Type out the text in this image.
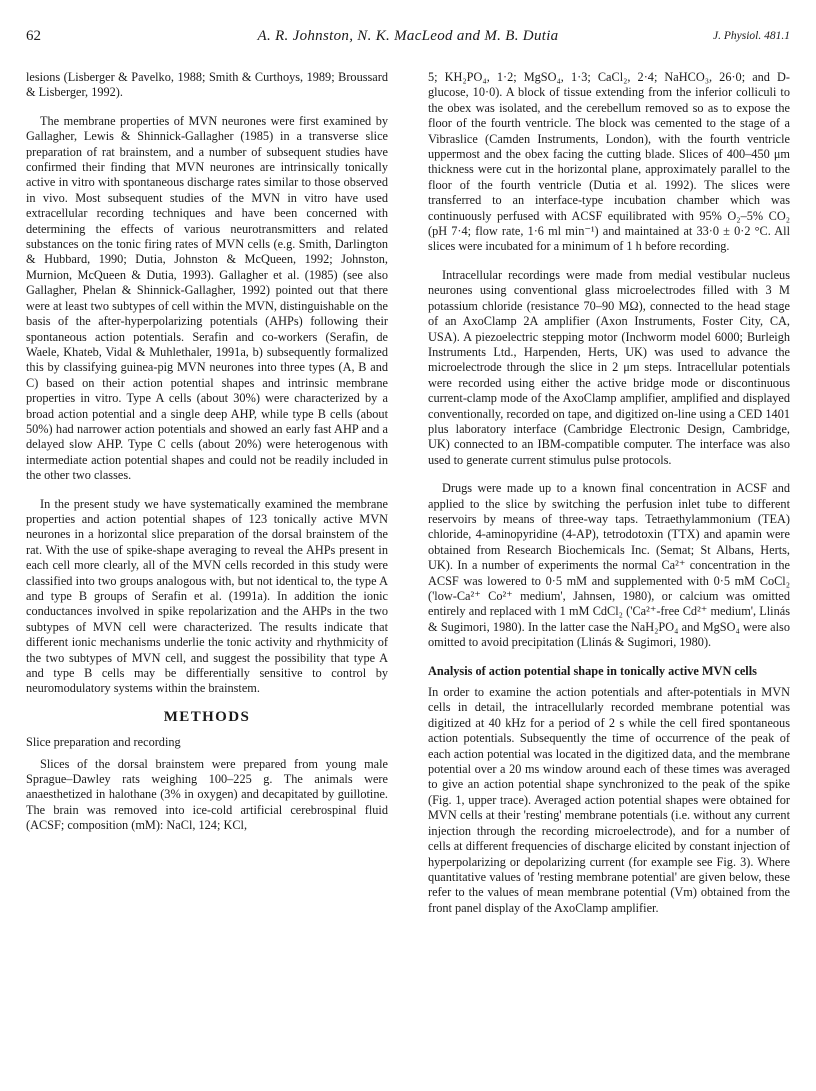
62	A. R. Johnston, N. K. MacLeod and M. B. Dutia	J. Physiol. 481.1

lesions (Lisberger & Pavelko, 1988; Smith & Curthoys, 1989; Broussard & Lisberger, 1992).

The membrane properties of MVN neurones were first examined by Gallagher, Lewis & Shinnick-Gallagher (1985) in a transverse slice preparation of rat brainstem, and a number of subsequent studies have confirmed their finding that MVN neurones are intrinsically tonically active in vitro with spontaneous discharge rates similar to those observed in vivo. Most subsequent studies of the MVN in vitro have used extracellular recording techniques and have been concerned with determining the effects of various neurotransmitters and related substances on the tonic firing rates of MVN cells (e.g. Smith, Darlington & Hubbard, 1990; Dutia, Johnston & McQueen, 1992; Johnston, Murnion, McQueen & Dutia, 1993). Gallagher et al. (1985) (see also Gallagher, Phelan & Shinnick-Gallagher, 1992) pointed out that there were at least two subtypes of cell within the MVN, distinguishable on the basis of the after-hyperpolarizing potentials (AHPs) following their spontaneous action potentials. Serafin and co-workers (Serafin, de Waele, Khateb, Vidal & Muhlethaler, 1991a, b) subsequently formalized this by classifying guinea-pig MVN neurones into three types (A, B and C) based on their action potential shapes and intrinsic membrane properties in vitro. Type A cells (about 30%) were characterized by a broad action potential and a single deep AHP, while type B cells (about 50%) had narrower action potentials and showed an early fast AHP and a delayed slow AHP. Type C cells (about 20%) were heterogenous with intermediate action potential shapes and could not be readily included in the other two classes.

In the present study we have systematically examined the membrane properties and action potential shapes of 123 tonically active MVN neurones in a horizontal slice preparation of the dorsal brainstem of the rat. With the use of spike-shape averaging to reveal the AHPs present in each cell more clearly, all of the MVN cells recorded in this study were classified into two groups analogous with, but not identical to, the type A and type B groups of Serafin et al. (1991a). In addition the ionic conductances involved in spike repolarization and the AHPs in the two subtypes of MVN cell were characterized. The results indicate that different ionic mechanisms underlie the tonic activity and rhythmicity of the two subtypes of MVN cell, and suggest the possibility that type A and type B cells may be differentially sensitive to control by neuromodulatory systems within the brainstem.

METHODS
Slice preparation and recording

Slices of the dorsal brainstem were prepared from young male Sprague–Dawley rats weighing 100–225 g. The animals were anaesthetized in halothane (3% in oxygen) and decapitated by guillotine. The brain was removed into ice-cold artificial cerebrospinal fluid (ACSF; composition (mM): NaCl, 124; KCl,

5; KH₂PO₄, 1·2; MgSO₄, 1·3; CaCl₂, 2·4; NaHCO₃, 26·0; and D-glucose, 10·0). A block of tissue extending from the inferior colliculi to the obex was isolated, and the cerebellum removed so as to expose the floor of the fourth ventricle. The block was cemented to the stage of a Vibraslice (Camden Instruments, London), with the fourth ventricle uppermost and the obex facing the cutting blade. Slices of 400–450 μm thickness were cut in the horizontal plane, approximately parallel to the floor of the fourth ventricle (Dutia et al. 1992). The slices were transferred to an interface-type incubation chamber which was continuously perfused with ACSF equilibrated with 95% O₂–5% CO₂ (pH 7·4; flow rate, 1·6 ml min⁻¹) and maintained at 33·0 ± 0·2 °C. All slices were incubated for a minimum of 1 h before recording.

Intracellular recordings were made from medial vestibular nucleus neurones using conventional glass microelectrodes filled with 3 M potassium chloride (resistance 70–90 MΩ), connected to the head stage of an AxoClamp 2A amplifier (Axon Instruments, Foster City, CA, USA). A piezoelectric stepping motor (Inchworm model 6000; Burleigh Instruments Ltd., Harpenden, Herts, UK) was used to advance the microelectrode through the slice in 2 μm steps. Intracellular potentials were recorded using either the active bridge mode or discontinuous current-clamp mode of the AxoClamp amplifier, amplified and displayed conventionally, recorded on tape, and digitized on-line using a CED 1401 plus laboratory interface (Cambridge Electronic Design, Cambridge, UK) connected to an IBM-compatible computer. The interface was also used to generate current stimulus pulse protocols.

Drugs were made up to a known final concentration in ACSF and applied to the slice by switching the perfusion inlet tube to different reservoirs by means of three-way taps. Tetraethylammonium (TEA) chloride, 4-aminopyridine (4-AP), tetrodotoxin (TTX) and apamin were obtained from Research Biochemicals Inc. (Semat; St Albans, Herts, UK). In a number of experiments the normal Ca²⁺ concentration in the ACSF was lowered to 0·5 mM and supplemented with 0·5 mM CoCl₂ ('low-Ca²⁺ Co²⁺ medium', Jahnsen, 1980), or calcium was omitted entirely and replaced with 1 mM CdCl₂ ('Ca²⁺-free Cd²⁺ medium', Llinás & Sugimori, 1980). In the latter case the NaH₂PO₄ and MgSO₄ were also omitted to avoid precipitation (Llinás & Sugimori, 1980).

Analysis of action potential shape in tonically active MVN cells

In order to examine the action potentials and after-potentials in MVN cells in detail, the intracellularly recorded membrane potential was digitized at 40 kHz for a period of 2 s while the cell fired spontaneous action potentials. Subsequently the time of occurrence of the peak of each action potential was located in the digitized data, and the membrane potential over a 20 ms window around each of these times was averaged to give an action potential shape synchronized to the peak of the spike (Fig. 1, upper trace). Averaged action potential shapes were obtained for MVN cells at their 'resting' membrane potentials (i.e. without any current injection through the recording microelectrode), and for a number of cells at different frequencies of discharge elicited by constant injection of hyperpolarizing or depolarizing current (for example see Fig. 3). Where quantitative values of 'resting membrane potential' are given below, these refer to the values of mean membrane potential (Vm) obtained from the front panel display of the AxoClamp amplifier.
